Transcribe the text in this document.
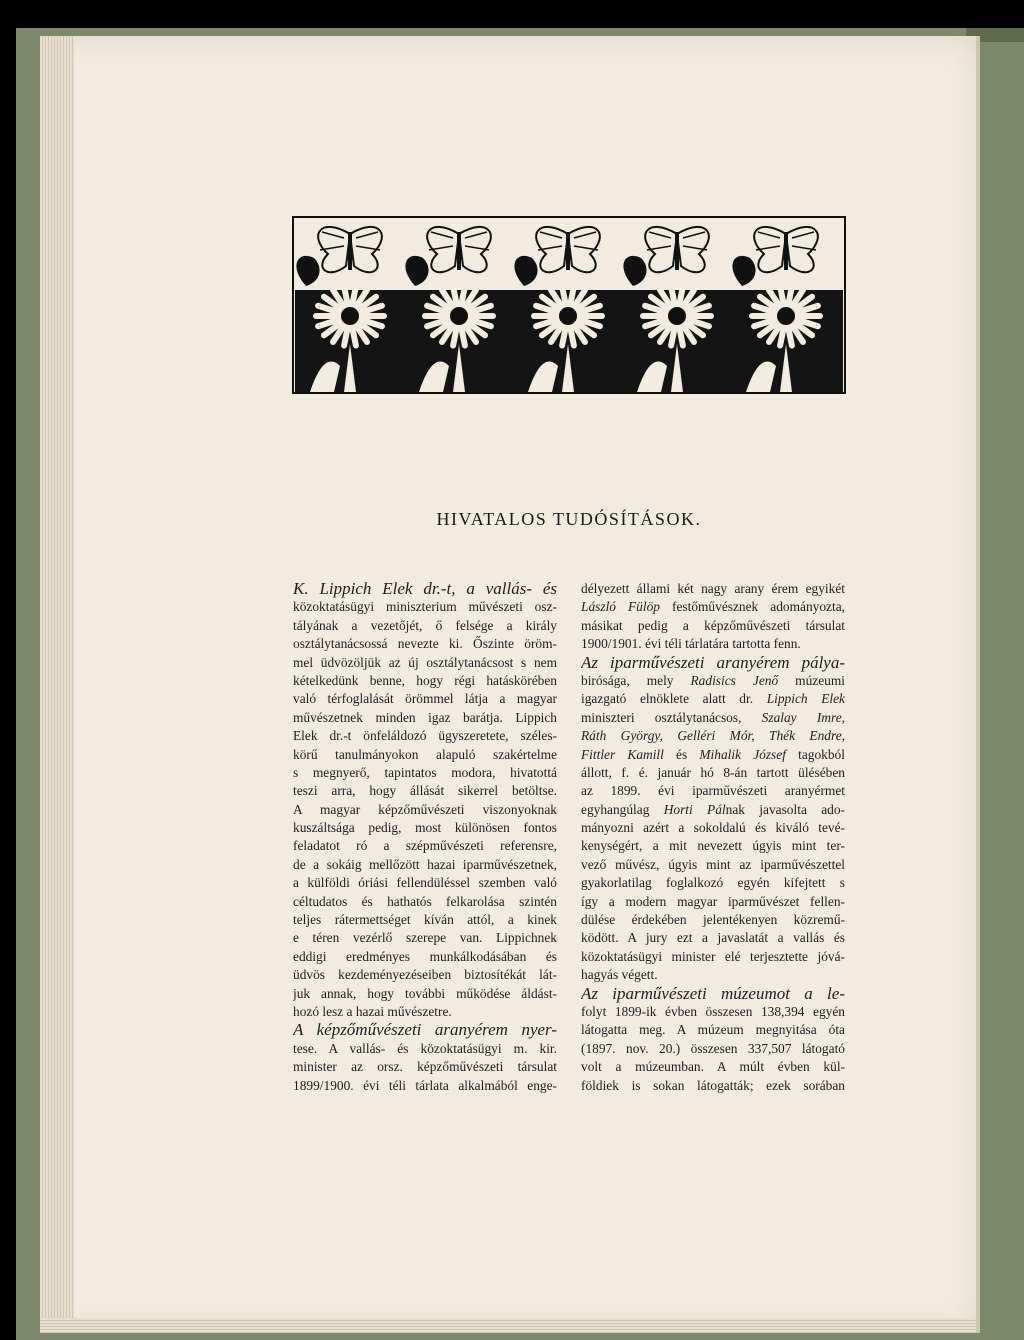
HIVATALOS TUDÓSÍTÁSOK.
K. Lippich Elek dr.-t, a vallás- és
közoktatásügyi miniszterium művészeti osz-
tályának a vezetőjét, ő felsége a király
osztálytanácsossá nevezte ki. Őszinte öröm-
mel üdvözöljük az új osztálytanácsost s nem
kételkedünk benne, hogy régi hatáskörében
való térfoglalását örömmel látja a magyar
művészetnek minden igaz barátja. Lippich
Elek dr.-t önfeláldozó ügyszeretete, széles-
körű tanulmányokon alapuló szakértelme
s megnyerő, tapintatos modora, hivatottá
teszi arra, hogy állását sikerrel betöltse.
A magyar képzőművészeti viszonyoknak
kuszáltsága pedig, most különösen fontos
feladatot ró a szépművészeti referensre,
de a sokáig mellőzött hazai iparművészetnek,
a külföldi óriási fellendüléssel szemben való
céltudatos és hathatós felkarolása szintén
teljes rátermettséget kíván attól, a kinek
e téren vezérlő szerepe van. Lippichnek
eddigi eredményes munkálkodásában és
üdvös kezdeményezéseiben biztosítékát lát-
juk annak, hogy további működése áldást-
hozó lesz a hazai művészetre.
A képzőművészeti aranyérem nyer-
tese. A vallás- és közoktatásügyi m. kir.
minister az orsz. képzőművészeti társulat
1899/1900. évi téli tárlata alkalmából enge-
délyezett állami két nagy arany érem egyikét
László Fülöp festőművésznek adományozta,
másikat pedig a képzőművészeti társulat
1900/1901. évi téli tárlatára tartotta fenn.
Az iparművészeti aranyérem pálya-
birósága, mely Radisics Jenő múzeumi
igazgató elnöklete alatt dr. Lippich Elek
miniszteri osztálytanácsos, Szalay Imre,
Ráth György, Gelléri Mór, Thék Endre,
Fittler Kamill és Mihalik József tagokból
állott, f. é. január hó 8-án tartott ülésében
az 1899. évi iparművészeti aranyérmet
egyhangúlag Horti Pálnak javasolta ado-
mányozni azért a sokoldalú és kiváló tevé-
kenységért, a mit nevezett úgyis mint ter-
vező művész, úgyis mint az iparművészettel
gyakorlatilag foglalkozó egyén kifejtett s
így a modern magyar iparművészet fellen-
dülése érdekében jelentékenyen közremű-
ködött. A jury ezt a javaslatát a vallás és
közoktatásügyi minister elé terjesztette jóvá-
hagyás végett.
Az iparművészeti múzeumot a le-
folyt 1899-ik évben összesen 138,394 egyén
látogatta meg. A múzeum megnyitása óta
(1897. nov. 20.) összesen 337,507 látogató
volt a múzeumban. A múlt évben kül-
földiek is sokan látogatták; ezek sorában
